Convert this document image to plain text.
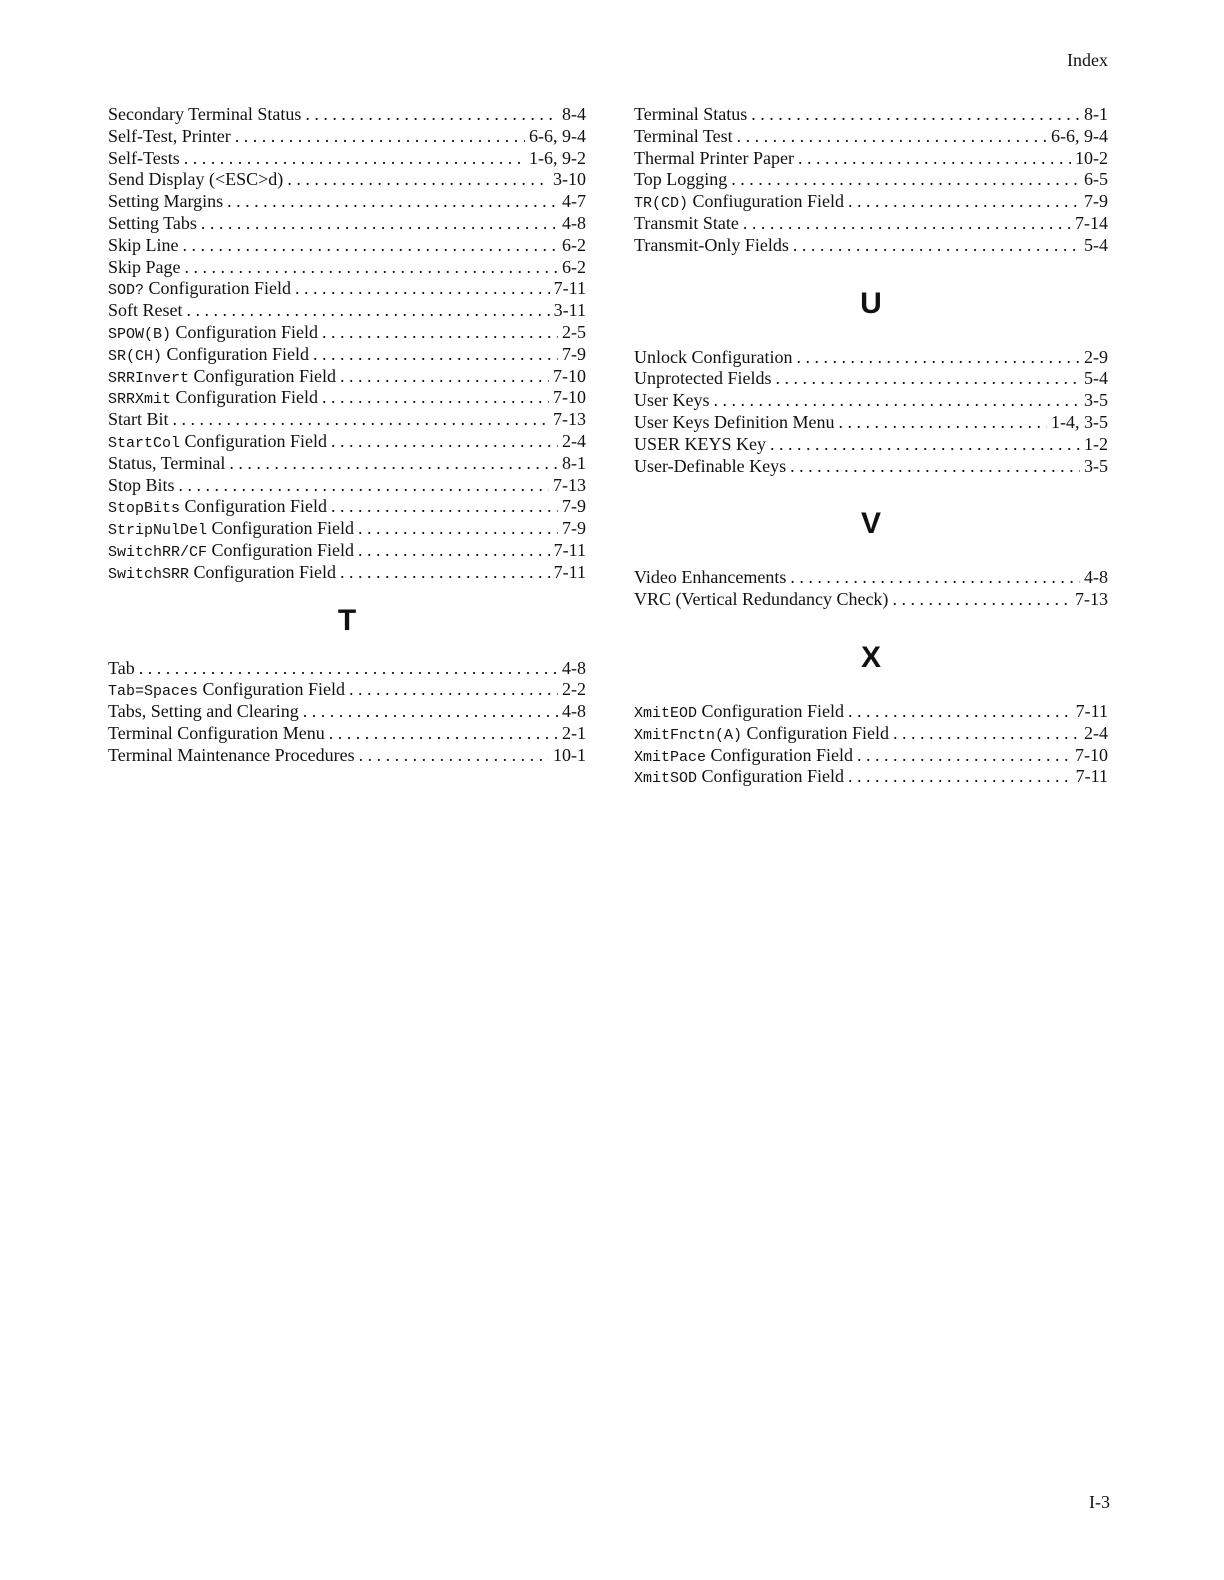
Index
Secondary Terminal Status . . .	8-4
Self-Test, Printer . . .	6-6, 9-4
Self-Tests . . .	1-6, 9-2
Send Display (<ESC>d) . . .	3-10
Setting Margins . . .	4-7
Setting Tabs . . .	4-8
Skip Line . . .	6-2
Skip Page . . .	6-2
SOD? Configuration Field . . .	7-11
Soft Reset . . .	3-11
SPOW(B) Configuration Field . . .	2-5
SR(CH) Configuration Field . . .	7-9
SRRInvert Configuration Field . . .	7-10
SRRXmit Configuration Field . . .	7-10
Start Bit . . .	7-13
StartCol Configuration Field . . .	2-4
Status, Terminal . . .	8-1
Stop Bits . . .	7-13
StopBits Configuration Field . . .	7-9
StripNulDel Configuration Field . . .	7-9
SwitchRR/CF Configuration Field . . .	7-11
SwitchSRR Configuration Field . . .	7-11
T
Tab . . .	4-8
Tab=Spaces Configuration Field . . .	2-2
Tabs, Setting and Clearing . . .	4-8
Terminal Configuration Menu . . .	2-1
Terminal Maintenance Procedures . . .	10-1
Terminal Status . . .	8-1
Terminal Test . . .	6-6, 9-4
Thermal Printer Paper . . .	10-2
Top Logging . . .	6-5
TR(CD) Confiuguration Field . . .	7-9
Transmit State . . .	7-14
Transmit-Only Fields . . .	5-4
U
Unlock Configuration . . .	2-9
Unprotected Fields . . .	5-4
User Keys . . .	3-5
User Keys Definition Menu . . .	1-4, 3-5
USER KEYS Key . . .	1-2
User-Definable Keys . . .	3-5
V
Video Enhancements . . .	4-8
VRC (Vertical Redundancy Check) . . .	7-13
X
XmitEOD Configuration Field . . .	7-11
XmitFnctn(A) Configuration Field . . .	2-4
XmitPace Configuration Field . . .	7-10
XmitSOD Configuration Field . . .	7-11
I-3
